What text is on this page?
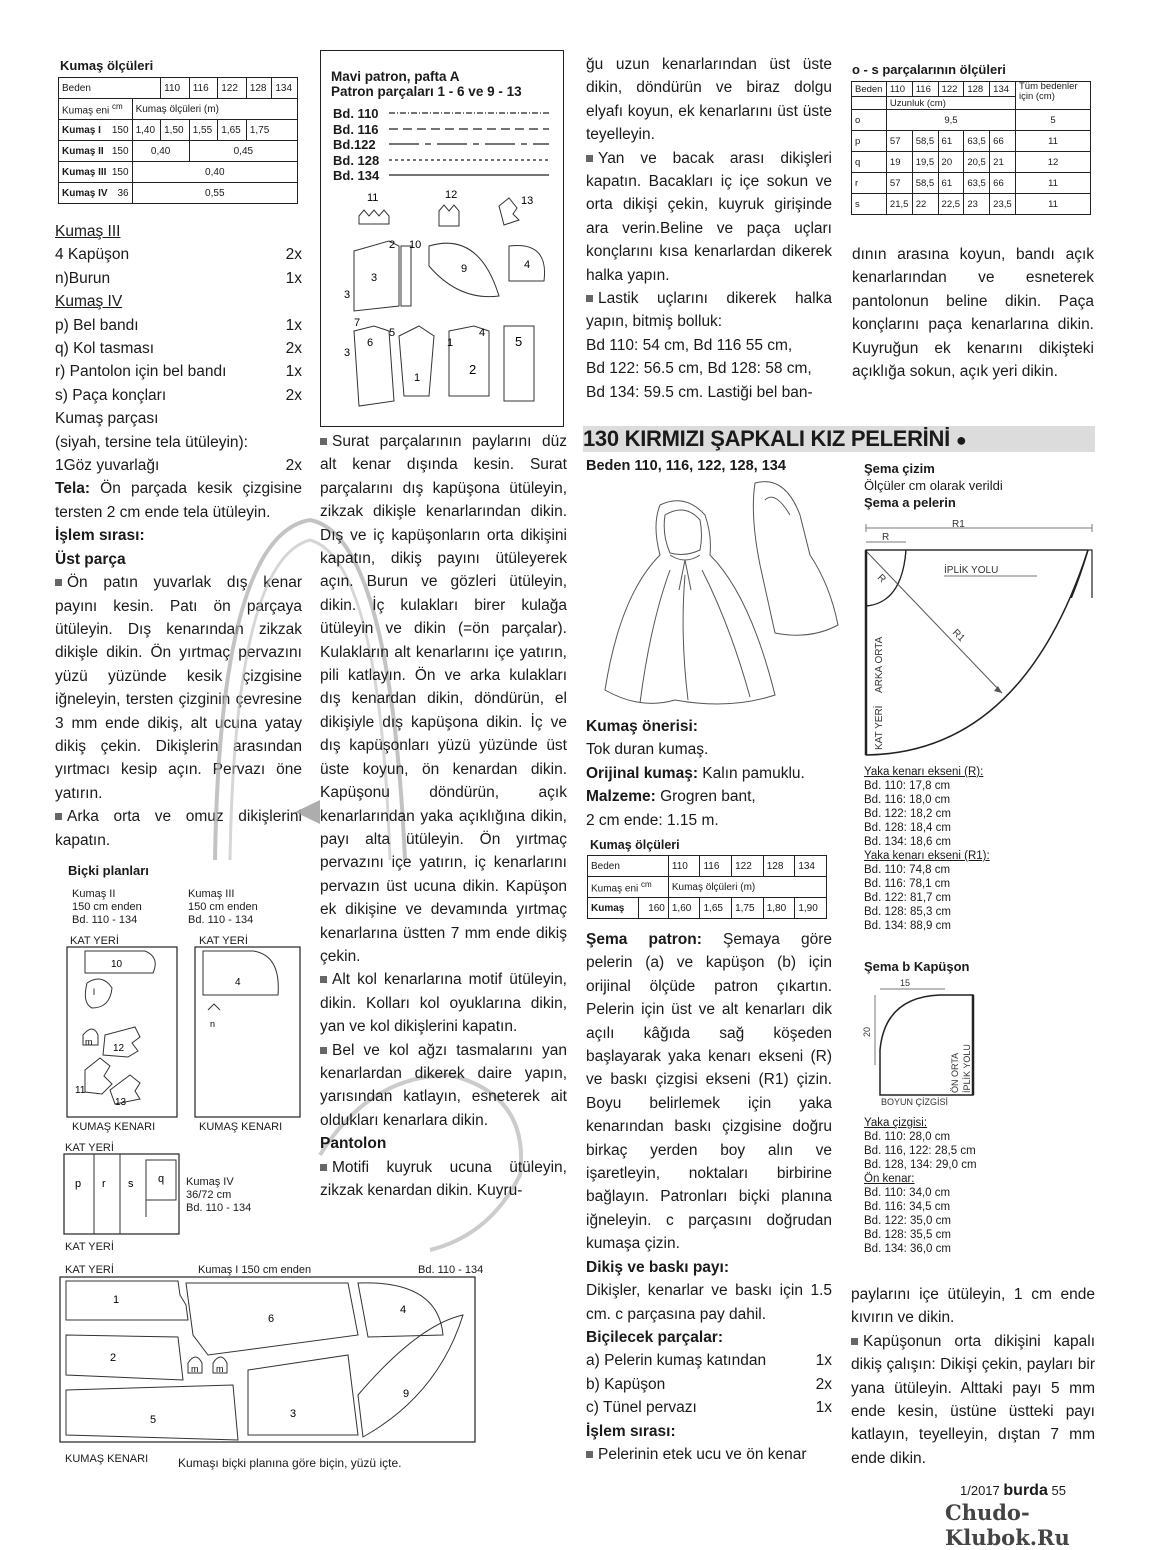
Kumaş ölçüleri
Beden		110	116	122	128	134
Kumaş eni $^{cm}$	Kumaş ölçüleri (m)					
Kumaş I 150	1,40	1,50	1,55	1,65	1,75	
Kumaş II 150	0,40		0,45			
Kumaş III 150	0,40					
Kumaş IV 36	0,55					
Kumaş III
4 Kapüşon	2x
n)Burun	1x
Kumaş IV
p) Bel bandı	1x
q) Kol tasması	2x
r) Pantolon için bel bandı	1x
s) Paça konçları	2x
Kumaş parçası
(siyah, tersine tela ütüleyin):
1Göz yuvarlağı	2x

Tela: Ön parçada kesik çizgisine tersten 2 cm ende tela ütüleyin.

İşlem sırası:

Üst parça

Ön patın yuvarlak dış kenar payını kesin. Patı ön parçaya ütüleyin. Dış kenarından zikzak dikişle dikin. Ön yırtmaç pervazını yüzü yüzünde kesik çizgisine iğneleyin, tersten çizginin çevresine 3 mm ende dikiş, alt ucuna yatay dikiş çekin. Dikişlerin arasından yırtmacı kesip açın. Pervazı öne yatırın.

Arka orta ve omuz dikişlerini kapatın.

Biçki planları
Kumaş II
150 cm enden
Bd. 110 - 134
Kumaş III
150 cm enden
Bd. 110 - 134
KAT YERİ
10
12
11
13
m
l
KUMAŞ KENARI
KAT YERİ
4
n
KUMAŞ KENARI
KAT YERİ
p r s q Kumaş IV
36/72 cm
Bd. 110 - 134
KAT YERİ
KAT YERİ	Kumaş I 150 cm enden	Bd. 110 - 134
1
6
4
2
m m
9
5	3
KUMAŞ KENARI Kumaşı biçki planına göre biçin, yüzü içte.
Mavi patron, pafta A
Patron parçaları 1 - 6 ve 9 - 13
Bd. 110
Bd. 116
Bd.122
Bd. 128
Bd. 134
11	12	13
2
3
10
9	4
7
5
6
1
1
2
4
5
3
3

Surat parçalarının paylarını düz alt kenar dışında kesin. Surat parçalarını dış kapüşona ütüleyin, zikzak dikişle kenarlarından dikin. Dış ve iç kapüşonların orta dikişini kapatın, dikiş payını ütüleyerek açın. Burun ve gözleri ütüleyin, dikin. İç kulakları birer kulağa ütüleyin ve dikin (=ön parçalar). Kulakların alt kenarlarını içe yatırın, pili katlayın. Ön ve arka kulakları dış kenardan dikin, döndürün, el dikişiyle dış kapüşona dikin. İç ve dış kapüşonları yüzü yüzünde üst üste koyun, ön kenardan dikin. Kapüşonu döndürün, açık kenarlarından yaka açıklığına dikin, payı alta ütüleyin. Ön yırtmaç pervazını içe yatırın, iç kenarlarını pervazın üst ucuna dikin. Kapüşon ek dikişine ve devamında yırtmaç kenarlarına üstten 7 mm ende dikiş çekin.

Alt kol kenarlarına motif ütüleyin, dikin. Kolları kol oyuklarına dikin, yan ve kol dikişlerini kapatın.

Bel ve kol ağzı tasmalarını yan kenarlardan dikerek daire yapın, yarısından katlayın, esneterek ait oldukları kenarlara dikin.

Pantolon

Motifi kuyruk ucuna ütüleyin, zikzak kenardan dikin. Kuyru-

ğu uzun kenarlarından üst üste dikin, döndürün ve biraz dolgu elyafı koyun, ek kenarlarını üst üste teyelleyin.

Yan ve bacak arası dikişleri kapatın. Bacakları iç içe sokun ve orta dikişi çekin, kuyruk girişinde ara verin.Beline ve paça uçları konçlarını kısa kenarlardan dikerek halka yapın.

Lastik uçlarını dikerek halka yapın, bitmiş bolluk:

Bd 110: 54 cm, Bd 116 55 cm,

Bd 122: 56.5 cm, Bd 128: 58 cm,

Bd 134: 59.5 cm. Lastiği bel ban-

o - s parçalarının ölçüleri
Beden	110	116	122	128	134	Tüm bedenler için (cm)
	Uzunluk (cm)					
o	9,5					5
p	57	58,5	61	63,5	66	11
q	19	19,5	20	20,5	21	12
r	57	58,5	61	63,5	66	11
s	21,5	22	22,5	23	23,5	11

dının arasına koyun, bandı açık kenarlarından ve esneterek pantolonun beline dikin. Paça konçlarını paça kenarlarına dikin. Kuyruğun ek kenarını dikişteki açıklığa sokun, açık yeri dikin.

130 KIRMIZI ŞAPKALI KIZ PELERİNİ ●
Beden 110, 116, 122, 128, 134

Kumaş önerisi:

Tok duran kumaş.

Orijinal kumaş: Kalın pamuklu.

Malzeme: Grogren bant,

2 cm ende: 1.15 m.

Kumaş ölçüleri
Beden		110	116	122	128	134
Kumaş eni $^{cm}$		Kumaş ölçüleri (m)				
Kumaş	160	1,60	1,65	1,75	1,80	1,90

Şema patron: Şemaya göre pelerin (a) ve kapüşon (b) için orijinal ölçüde patron çıkartın. Pelerin için üst ve alt kenarları dik açılı kâğıda sağ köşeden başlayarak yaka kenarı ekseni (R) ve baskı çizgisi ekseni (R1) çizin. Boyu belirlemek için yaka kenarından baskı çizgisine doğru birkaç yerden boy alın ve işaretleyin, noktaları birbirine bağlayın. Patronları biçki planına iğneleyin. c parçasını doğrudan kumaşa çizin.

Dikiş ve baskı payı:

Dikişler, kenarlar ve baskı için 1.5 cm. c parçasına pay dahil.

Biçilecek parçalar:

a) Pelerin kumaş katından	1x
b) Kapüşon	2x
c) Tünel pervazı	1x

İşlem sırası:

Pelerinin etek ucu ve ön kenar

Şema çizim
Ölçüler cm olarak verildi
Şema a pelerin
R1
R
İPLİK YOLU
R
R1
ARKA ORTA
KAT YERİ
Yaka kenarı ekseni (R):
Bd. 110: 17,8 cm
Bd. 116: 18,0 cm
Bd. 122: 18,2 cm
Bd. 128: 18,4 cm
Bd. 134: 18,6 cm
Yaka kenarı ekseni (R1):
Bd. 110: 74,8 cm
Bd. 116: 78,1 cm
Bd. 122: 81,7 cm
Bd. 128: 85,3 cm
Bd. 134: 88,9 cm
Şema b Kapüşon
15
20
ÖN ORTA İPLİK YOLU
BOYUN ÇİZGİSİ
Yaka çizgisi:
Bd. 110: 28,0 cm
Bd. 116, 122: 28,5 cm
Bd. 128, 134: 29,0 cm
Ön kenar:
Bd. 110: 34,0 cm
Bd. 116: 34,5 cm
Bd. 122: 35,0 cm
Bd. 128: 35,5 cm
Bd. 134: 36,0 cm

paylarını içe ütüleyin, 1 cm ende kıvırın ve dikin.

Kapüşonun orta dikişini kapalı dikiş çalışın: Dikişi çekin, payları bir yana ütüleyin. Alttaki payı 5 mm ende kesin, üstüne üstteki payı katlayın, teyelleyin, dıştan 7 mm ende dikin.

1/2017 burda 55
Chudo-Klubok.Ru
